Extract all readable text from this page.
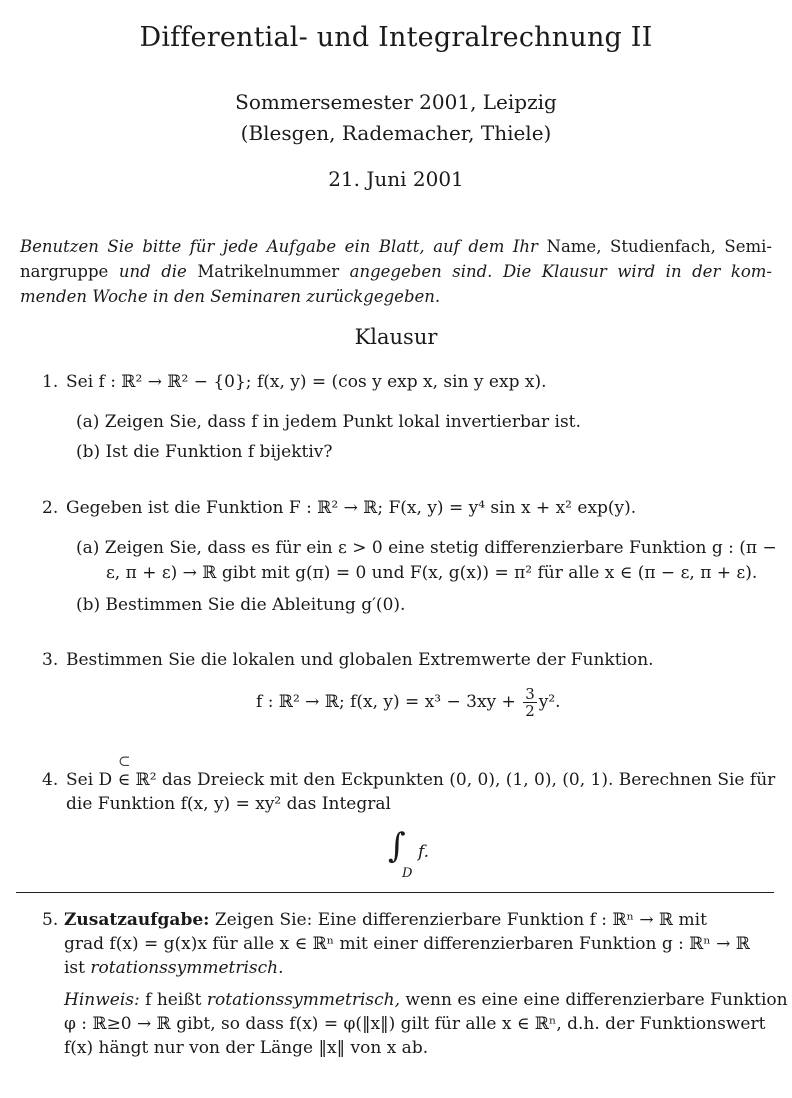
Differential- und Integralrechnung II
Sommersemester 2001, Leipzig
(Blesgen, Rademacher, Thiele)
21. Juni 2001
Benutzen Sie bitte für jede Aufgabe ein Blatt, auf dem Ihr Name, Studienfach, Semi- nargruppe und die Matrikelnummer angegeben sind. Die Klausur wird in der kom- menden Woche in den Seminaren zurückgegeben.
Klausur
1. Sei f : ℝ² → ℝ² − {0}; f(x, y) = (cos y exp x, sin y exp x).
(a) Zeigen Sie, dass f in jedem Punkt lokal invertierbar ist.
(b) Ist die Funktion f bijektiv?
2. Gegeben ist die Funktion F : ℝ² → ℝ; F(x, y) = y⁴ sin x + x² exp(y).
(a) Zeigen Sie, dass es für ein ε > 0 eine stetig differenzierbare Funktion g : (π −
ε, π + ε) → ℝ gibt mit g(π) = 0 und F(x, g(x)) = π² für alle x ∈ (π − ε, π + ε).
(b) Bestimmen Sie die Ableitung g′(0).
3. Bestimmen Sie die lokalen und globalen Extremwerte der Funktion.
f : ℝ² → ℝ; f(x, $y) = x^3 - 3xy + \frac{3}{2} y^2$.
⊂
4. Sei D ∈ ℝ² das Dreieck mit den Eckpunkten (0, 0), (1, 0), (0, 1). Berechnen Sie für
die Funktion f(x, y) = xy² das Integral
∫
D
f.
5. Zusatzaufgabe: Zeigen Sie: Eine differenzierbare Funktion f : ℝⁿ → ℝ mit
grad f(x) = g(x)x für alle x ∈ ℝⁿ mit einer differenzierbaren Funktion g : ℝⁿ → ℝ
ist rotationssymmetrisch.
Hinweis: f heißt rotationssymmetrisch, wenn es eine eine differenzierbare Funktion
φ : ℝ≥0 → ℝ gibt, so dass f(x) = φ(‖x‖) gilt für alle x ∈ ℝⁿ, d.h. der Funktionswert
f(x) hängt nur von der Länge ‖x‖ von x ab.
